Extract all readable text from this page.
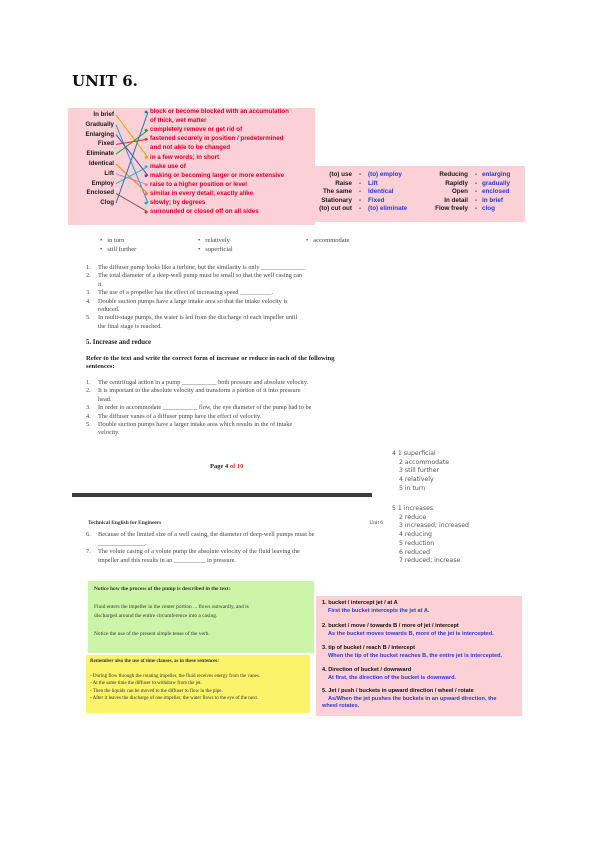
UNIT 6.
In brief
Gradually
Enlarging
Fixed
Eliminate
Identical
Lift
Employ
Enclosed
Clog
block or become blocked with an accumulation
of thick, wet matter
completely remove or get rid of
fastened securely in position / predetermined
and not able to be changed
in a few words; in short
make use of
making or becoming larger or more extensive
raise to a higher position or level
similar in every detail; exactly alike
slowly; by degrees
surrounded or closed off on all sides
(to) use	-	(to) employ
Raise	-	Lift
The same	-	Identical
Stationary	-	Fixed
(to) cut out	-	(to) eliminate
Reducing	- enlarging
Rapidly	- gradually
Open	- enclosed
In detail	- in brief
Flow freely	- clog
• in turn	• relatively	• accommodate
• still further	• superficial
1. The diffuser pump looks like a turbine, but the similarity is only ______________
2. The total diameter of a deep-well pump must be small so that the well casing can
it.
3. The use of a propeller has the effect of increasing speed __________.
4. Double suction pumps have a large intake area so that the intake velocity is
reduced.
5. In multi-stage pumps, the water is led from the discharge of each impeller until
the final stage is reached.
5. Increase and reduce
Refer to the text and write the correct form of increase or reduce in each of the following
sentences:
1. The centrifugal action in a pump ___________ both pressure and absolute velocity.
2. It is important to the absolute velocity and transform a portion of it into pressure
head.
3. In order to accommodate ___________ flow, the eye diameter of the pump had to be
4. The diffuser vanes of a diffuser pump have the effect of velocity.
5. Double suction pumps have a larger intake area which results in the of intake
velocity.
Page 4 of 10
4 1 superficial
2 accommodate
3 still further
4 relatively
5 in turn
5 1 increases
2 reduce
3 increased; increased
4 reducing
5 reduction
6 reduced
7 reduced; increase
Technical English for Engineers	Unit 6
6. Because of the limited size of a well casing, the diameter of deep-well pumps must be
_______________.
7. The volute casing of a volute pump the absolute velocity of the fluid leaving the
impeller and this results in an __________ in pressure.
Notice how the process of the pump is described in the text:
Fluid enters the impeller in the center portion ... flows outwardly, and is
discharged around the entire circumference into a casing.
Notice the use of the present simple tense of the verb.
Remember also the use of time clauses, as in these sentences:
- During flow through the rotating impeller, the fluid receives energy from the vanes.
- At the same time the diffuser to withdraw from the jet.
- Then the liquids can be moved to the diffuser to flow in the pipe.
- After it leaves the discharge of one impeller, the water flows to the eye of the next.
1. bucket / intercept jet / at A
First the bucket intercepts the jet at A.
2. bucket / move / towards B / more of jet / intercept
As the bucket moves towards B, more of the jet is intercepted.
3. tip of bucket / reach B / intercept
When the tip of the bucket reaches B, the entire jet is intercepted.
4. Direction of bucket / downward
At first, the direction of the bucket is downward.
5. Jet / push / buckets in upward direction / wheel / rotate
As/When the jet pushes the buckets in an upward direction, the
wheel rotates.
